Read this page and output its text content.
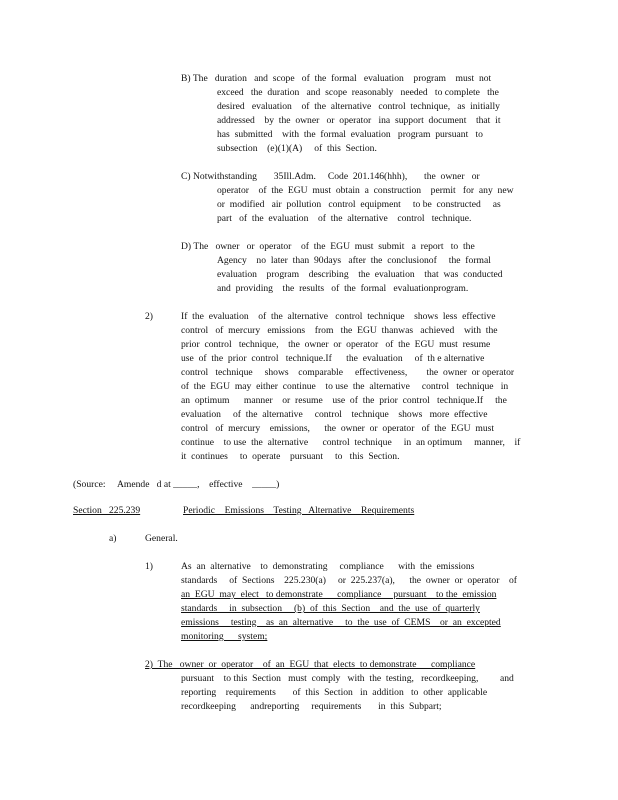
B) The   duration   and  scope   of  the  formal   evaluation    program    must  not
exceed   the  duration   and  scope  reasonably   needed   to complete   the
desired   evaluation    of  the  alternative   control  technique,   as  initially
addressed    by  the  owner   or  operator   ina  support  document    that  it
has  submitted    with  the  formal  evaluation   program  pursuant   to
subsection    (e)(1)(A)     of  this  Section.
C) Notwithstanding       35Ill.Adm.     Code  201.146(hhh),       the  owner   or
operator    of  the  EGU  must  obtain  a  construction    permit   for  any  new
or  modified   air  pollution   control  equipment     to be  constructed     as
part   of  the  evaluation    of  the  alternative    control   technique.
D) The   owner   or  operator    of  the  EGU  must  submit   a  report   to  the
Agency    no  later  than  90days   after  the  conclusionof     the  formal
evaluation    program    describing    the  evaluation    that  was  conducted
and  providing    the  results   of  the  formal   evaluationprogram.
2)	If  the  evaluation    of  the  alternative   control  technique    shows  less  effective
control   of  mercury   emissions    from   the  EGU  thanwas   achieved    with  the
prior  control   technique,    the  owner  or  operator   of  the  EGU  must  resume
use  of  the  prior  control   technique.If      the  evaluation     of  th e alternative
control   technique     shows    comparable     effectiveness,        the  owner  or operator
of  the  EGU  may  either  continue    to use  the  alternative     control   technique   in
an  optimum      manner    or  resume    use  of  the  prior  control   technique.If     the
evaluation     of  the  alternative     control    technique    shows   more  effective
control   of  mercury    emissions,      the  owner  or  operator   of  the  EGU  must
continue    to use  the  alternative      control  technique     in  an optimum     manner,    if
it  continues     to  operate    pursuant     to   this  Section.
(Source:     Amende   d at _____,    effective    _____)
Section   225.239	Periodic    Emissions    Testing   Alternative    Requirements
a)	General.
1)	As  an  alternative    to  demonstrating     compliance      with  the  emissions
standards     of  Sections    225.230(a)     or  225.237(a),      the  owner  or  operator    of
an  EGU  may  elect   to demonstrate      compliance     pursuant    to the  emission
standards     in  subsection     (b)  of  this  Section    and  the  use  of  quarterly
emissions     testing    as  an  alternative     to  the  use  of  CEMS    or  an  excepted
monitoring      system;
2)  The   owner  or  operator    of  an  EGU  that  elects  to demonstrate      compliance
pursuant    to this  Section   must  comply   with  the  testing,   recordkeeping,         and
reporting    requirements       of  this  Section   in  addition   to  other  applicable
recordkeeping      andreporting     requirements       in  this  Subpart;
